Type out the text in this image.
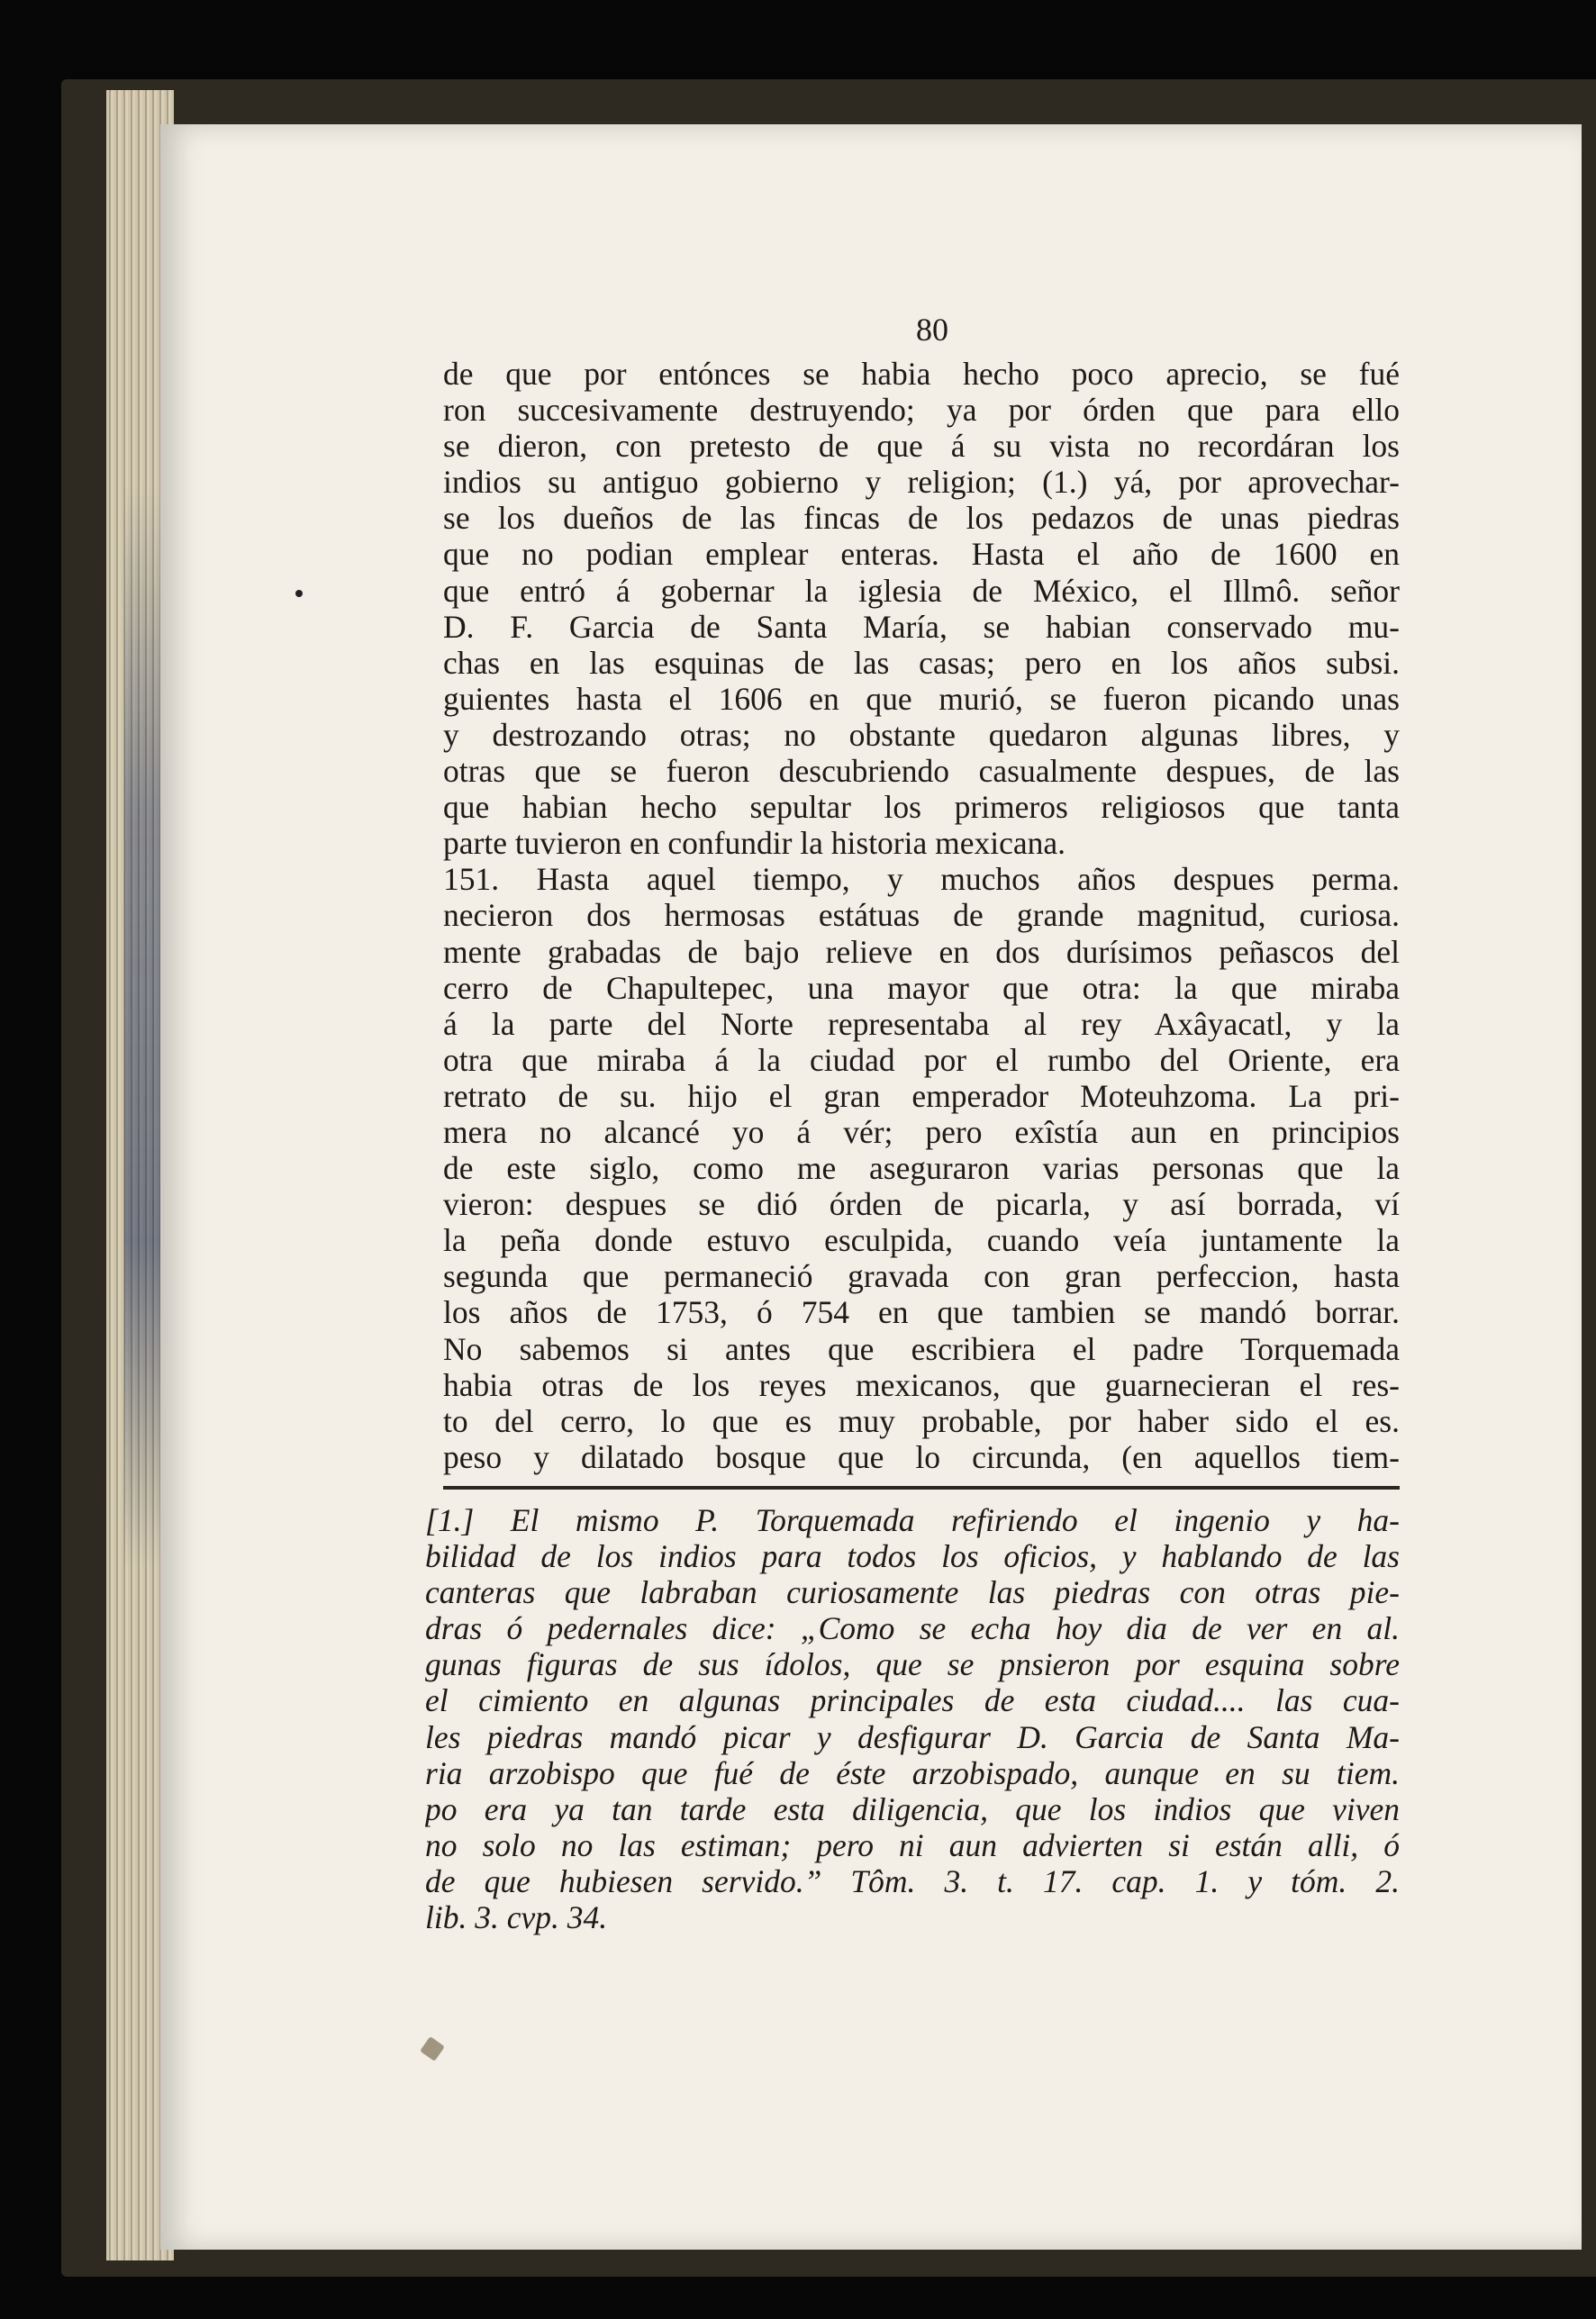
80
de que por entónces se habia hecho poco aprecio, se fué
ron succesivamente destruyendo; ya por órden que para ello
se dieron, con pretesto de que á su vista no recordáran los
indios su antiguo gobierno y religion; (1.) yá, por aprovechar-
se los dueños de las fincas de los pedazos de unas piedras
que no podian emplear enteras. Hasta el año de 1600 en
que entró á gobernar la iglesia de México, el Illmô. señor
D. F. Garcia de Santa María, se habian conservado mu-
chas en las esquinas de las casas; pero en los años subsi.
guientes hasta el 1606 en que murió, se fueron picando unas
y destrozando otras; no obstante quedaron algunas libres, y
otras que se fueron descubriendo casualmente despues, de las
que habian hecho sepultar los primeros religiosos que tanta
parte tuvieron en confundir la historia mexicana.
151. Hasta aquel tiempo, y muchos años despues perma.
necieron dos hermosas estátuas de grande magnitud, curiosa.
mente grabadas de bajo relieve en dos durísimos peñascos del
cerro de Chapultepec, una mayor que otra: la que miraba
á la parte del Norte representaba al rey Axâyacatl, y la
otra que miraba á la ciudad por el rumbo del Oriente, era
retrato de su. hijo el gran emperador Moteuhzoma. La pri-
mera no alcancé yo á vér; pero exîstía aun en principios
de este siglo, como me aseguraron varias personas que la
vieron: despues se dió órden de picarla, y así borrada, ví
la peña donde estuvo esculpida, cuando veía juntamente la
segunda que permaneció gravada con gran perfeccion, hasta
los años de 1753, ó 754 en que tambien se mandó borrar.
No sabemos si antes que escribiera el padre Torquemada
habia otras de los reyes mexicanos, que guarnecieran el res-
to del cerro, lo que es muy probable, por haber sido el es.
peso y dilatado bosque que lo circunda, (en aquellos tiem-
[1.] El mismo P. Torquemada refiriendo el ingenio y ha-
bilidad de los indios para todos los oficios, y hablando de las
canteras que labraban curiosamente las piedras con otras pie-
dras ó pedernales dice: „Como se echa hoy dia de ver en al.
gunas figuras de sus ídolos, que se pnsieron por esquina sobre
el cimiento en algunas principales de esta ciudad.... las cua-
les piedras mandó picar y desfigurar D. Garcia de Santa Ma-
ria arzobispo que fué de éste arzobispado, aunque en su tiem.
po era ya tan tarde esta diligencia, que los indios que viven
no solo no las estiman; pero ni aun advierten si están alli, ó
de que hubiesen servido.” Tôm. 3. t. 17. cap. 1. y tóm. 2.
lib. 3. cvp. 34.
